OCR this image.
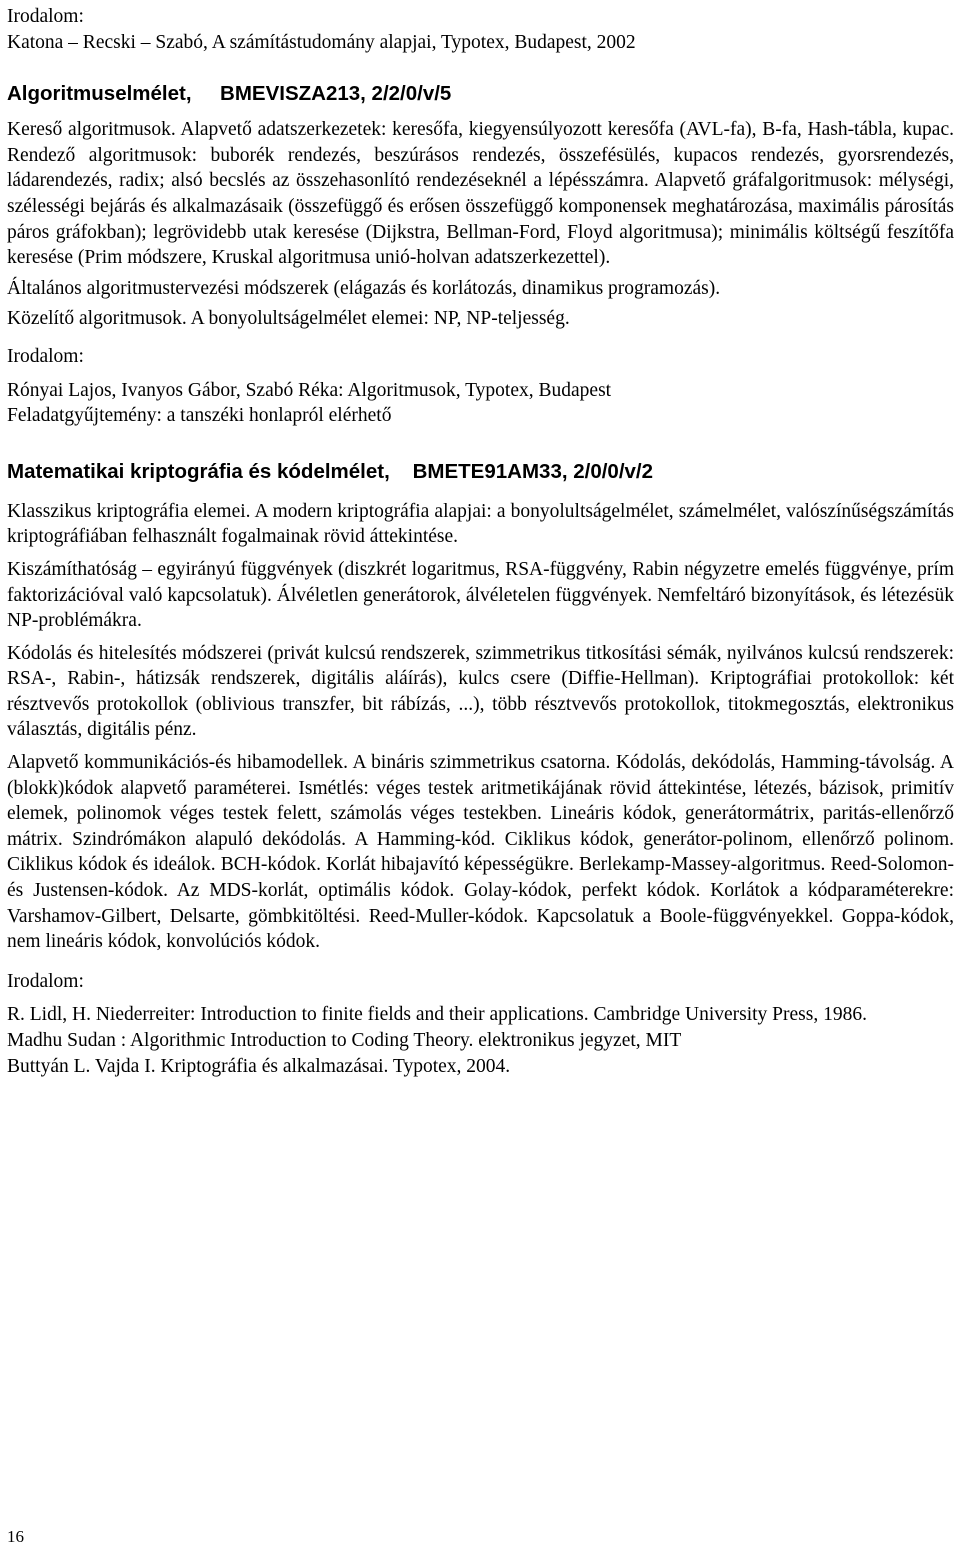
Irodalom:

Katona – Recski – Szabó, A számítástudomány alapjai, Typotex, Budapest, 2002

Algoritmuselmélet, BMEVISZA213, 2/2/0/v/5

Kereső algoritmusok. Alapvető adatszerkezetek: keresőfa, kiegyensúlyozott keresőfa (AVL-fa), B-fa, Hash-tábla, kupac. Rendező algoritmusok: buborék rendezés, beszúrásos rendezés, összefésülés, kupacos rendezés, gyorsrendezés, ládarendezés, radix; alsó becslés az összehasonlító rendezéseknél a lépésszámra. Alapvető gráfalgoritmusok: mélységi, szélességi bejárás és alkalmazásaik (összefüggő és erősen összefüggő komponensek meghatározása, maximális párosítás páros gráfokban); legrövidebb utak keresése (Dijkstra, Bellman-Ford, Floyd algoritmusa); minimális költségű feszítőfa keresése (Prim módszere, Kruskal algoritmusa unió-holvan adatszerkezettel).

Általános algoritmustervezési módszerek (elágazás és korlátozás, dinamikus programozás).

Közelítő algoritmusok. A bonyolultságelmélet elemei: NP, NP-teljesség.

Irodalom:

Rónyai Lajos, Ivanyos Gábor, Szabó Réka: Algoritmusok, Typotex, Budapest

Feladatgyűjtemény: a tanszéki honlapról elérhető

Matematikai kriptográfia és kódelmélet, BMETE91AM33, 2/0/0/v/2

Klasszikus kriptográfia elemei. A modern kriptográfia alapjai: a bonyolultságelmélet, számelmélet, valószínűségszámítás kriptográfiában felhasznált fogalmainak rövid áttekintése.

Kiszámíthatóság – egyirányú függvények (diszkrét logaritmus, RSA-függvény, Rabin négyzetre emelés függvénye, prím faktorizációval való kapcsolatuk). Álvéletlen generátorok, álvéletelen függvények. Nemfeltáró bizonyítások, és létezésük NP-problémákra.

Kódolás és hitelesítés módszerei (privát kulcsú rendszerek, szimmetrikus titkosítási sémák, nyilvános kulcsú rendszerek: RSA-, Rabin-, hátizsák rendszerek, digitális aláírás), kulcs csere (Diffie-Hellman). Kriptográfiai protokollok: két résztvevős protokollok (oblivious transzfer, bit rábízás, ...), több résztvevős protokollok, titokmegosztás, elektronikus választás, digitális pénz.

Alapvető kommunikációs-és hibamodellek. A bináris szimmetrikus csatorna. Kódolás, dekódolás, Hamming-távolság. A (blokk)kódok alapvető paraméterei. Ismétlés: véges testek aritmetikájának rövid áttekintése, létezés, bázisok, primitív elemek, polinomok véges testek felett, számolás véges testekben. Lineáris kódok, generátormátrix, paritás-ellenőrző mátrix. Szindrómákon alapuló dekódolás. A Hamming-kód. Ciklikus kódok, generátor-polinom, ellenőrző polinom. Ciklikus kódok és ideálok. BCH-kódok. Korlát hibajavító képességükre. Berlekamp-Massey-algoritmus. Reed-Solomon- és Justensen-kódok. Az MDS-korlát, optimális kódok. Golay-kódok, perfekt kódok. Korlátok a kódparaméterekre: Varshamov-Gilbert, Delsarte, gömbkitöltési. Reed-Muller-kódok. Kapcsolatuk a Boole-függvényekkel. Goppa-kódok, nem lineáris kódok, konvolúciós kódok.

Irodalom:

R. Lidl, H. Niederreiter: Introduction to finite fields and their applications. Cambridge University Press, 1986.

Madhu Sudan : Algorithmic Introduction to Coding Theory. elektronikus jegyzet, MIT

Buttyán L. Vajda I. Kriptográfia és alkalmazásai. Typotex, 2004.

16
